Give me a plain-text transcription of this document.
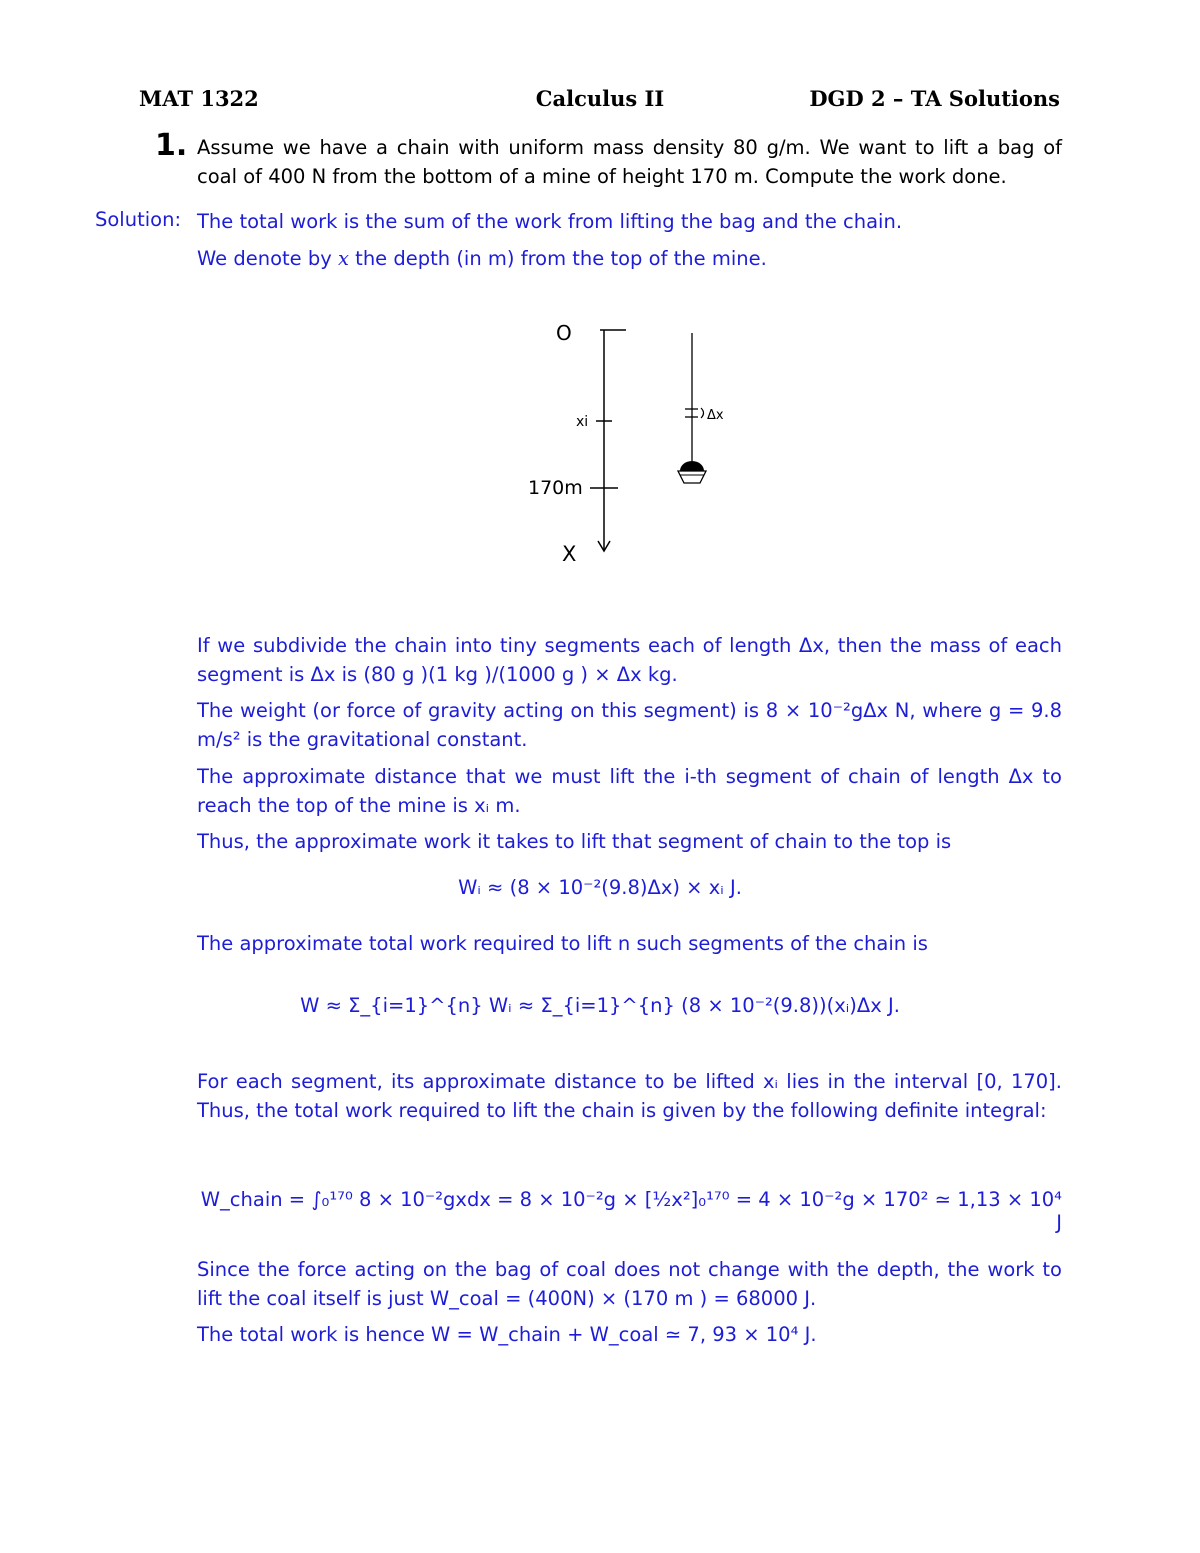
MAT 1322	Calculus II	DGD 2 – TA Solutions
1. Assume we have a chain with uniform mass density 80 g/m. We want to lift a bag of coal of 400 N from the bottom of a mine of height 170 m. Compute the work done.
Solution: The total work is the sum of the work from lifting the bag and the chain.
We denote by x the depth (in m) from the top of the mine.
O
xi
170m
X
Δx
If we subdivide the chain into tiny segments each of length Δx, then the mass of each segment is Δx is (80 g )(1 kg )/(1000 g ) × Δx kg.
The weight (or force of gravity acting on this segment) is 8 × 10⁻²gΔx N, where g = 9.8 m/s² is the gravitational constant.
The approximate distance that we must lift the i-th segment of chain of length Δx to reach the top of the mine is xᵢ m.
Thus, the approximate work it takes to lift that segment of chain to the top is
Wᵢ ≈ (8 × 10⁻²(9.8)Δx) × xᵢ J.
The approximate total work required to lift n such segments of the chain is
W ≈ Σ_{i=1}^{n} Wᵢ ≈ Σ_{i=1}^{n} (8 × 10⁻²(9.8))(xᵢ)Δx J.
For each segment, its approximate distance to be lifted xᵢ lies in the interval [0, 170]. Thus, the total work required to lift the chain is given by the following definite integral:
W_chain = ∫₀¹⁷⁰ 8 × 10⁻²gxdx = 8 × 10⁻²g × [½x²]₀¹⁷⁰ = 4 × 10⁻²g × 170² ≃ 1,13 × 10⁴ J
Since the force acting on the bag of coal does not change with the depth, the work to lift the coal itself is just W_coal = (400N) × (170 m ) = 68000 J.
The total work is hence W = W_chain + W_coal ≃ 7, 93 × 10⁴ J.
